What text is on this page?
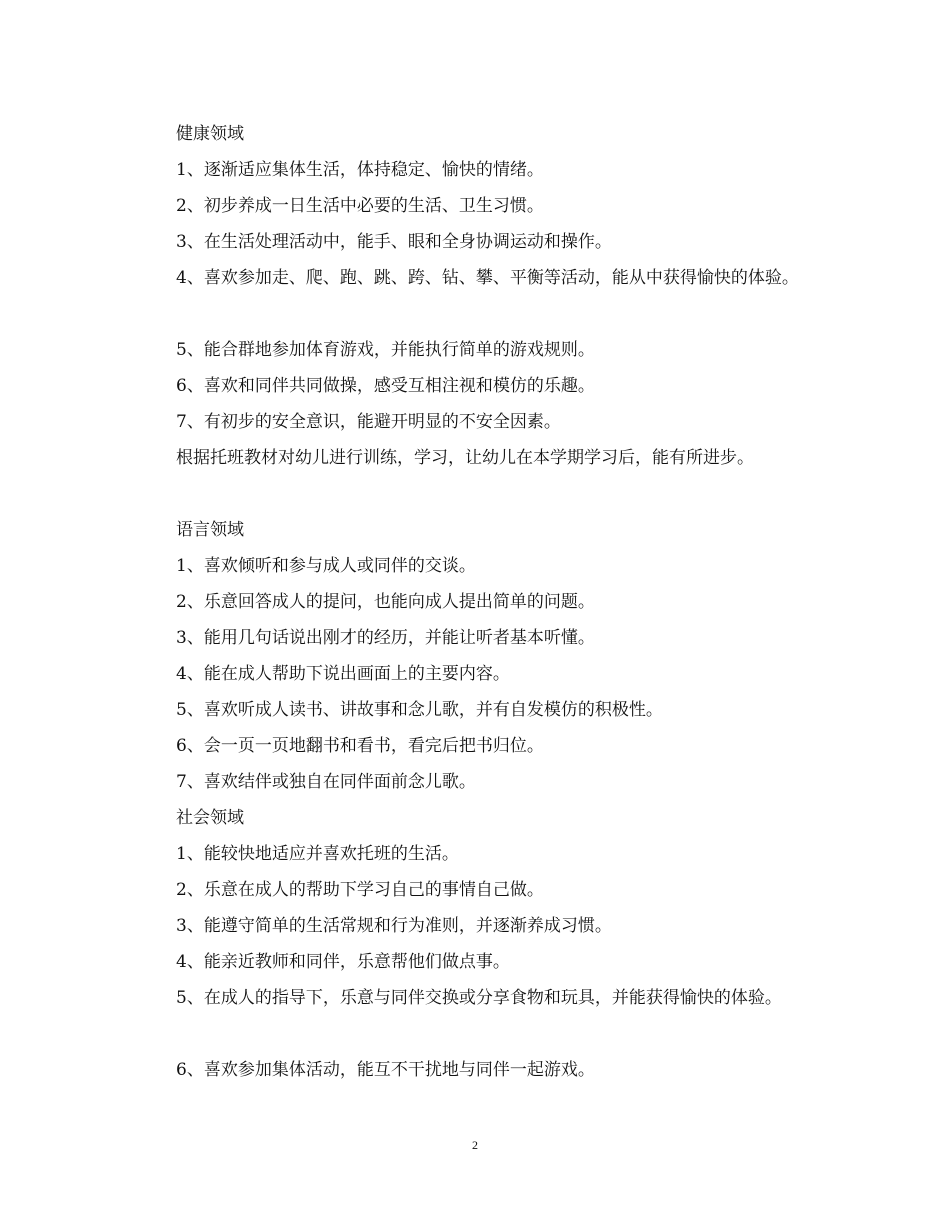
健康领域

1、逐渐适应集体生活，体持稳定、愉快的情绪。

2、初步养成一日生活中必要的生活、卫生习惯。

3、在生活处理活动中，能手、眼和全身协调运动和操作。

4、喜欢参加走、爬、跑、跳、跨、钻、攀、平衡等活动，能从中获得愉快的体验。

5、能合群地参加体育游戏，并能执行简单的游戏规则。

6、喜欢和同伴共同做操，感受互相注视和模仿的乐趣。

7、有初步的安全意识，能避开明显的不安全因素。

根据托班教材对幼儿进行训练，学习，让幼儿在本学期学习后，能有所进步。

语言领域

1、喜欢倾听和参与成人或同伴的交谈。

2、乐意回答成人的提问，也能向成人提出简单的问题。

3、能用几句话说出刚才的经历，并能让听者基本听懂。

4、能在成人帮助下说出画面上的主要内容。

5、喜欢听成人读书、讲故事和念儿歌，并有自发模仿的积极性。

6、会一页一页地翻书和看书，看完后把书归位。

7、喜欢结伴或独自在同伴面前念儿歌。

社会领域

1、能较快地适应并喜欢托班的生活。

2、乐意在成人的帮助下学习自己的事情自己做。

3、能遵守简单的生活常规和行为准则，并逐渐养成习惯。

4、能亲近教师和同伴，乐意帮他们做点事。

5、在成人的指导下，乐意与同伴交换或分享食物和玩具，并能获得愉快的体验。

6、喜欢参加集体活动，能互不干扰地与同伴一起游戏。

2
